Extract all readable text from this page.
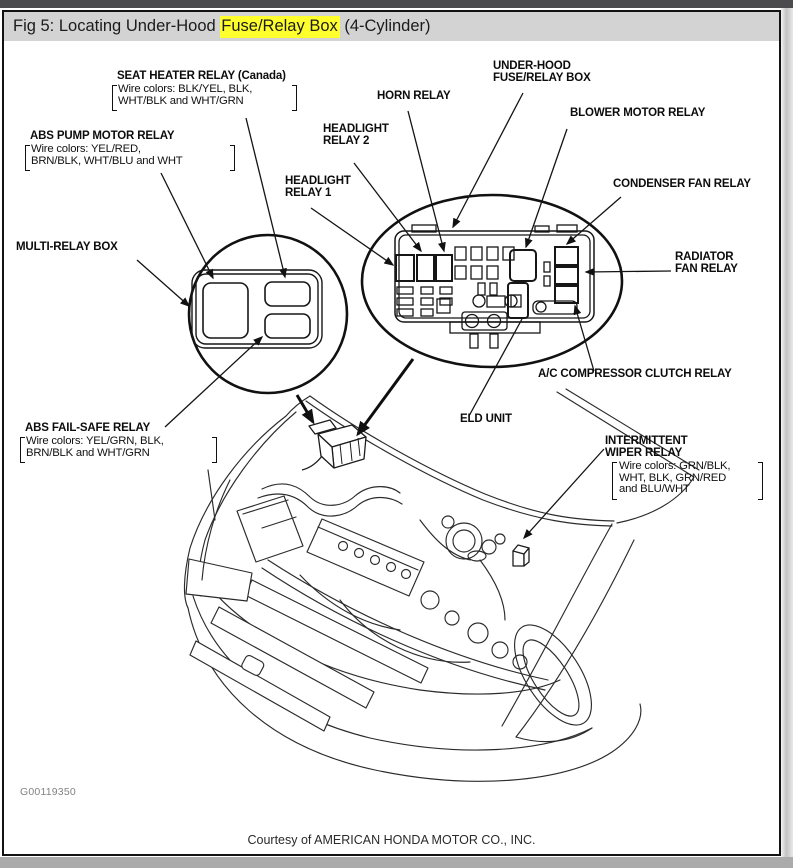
Fig 5: Locating Under-Hood Fuse/Relay Box (4-Cylinder)
SEAT HEATER RELAY (Canada)
Wire colors: BLK/YEL, BLK,
WHT/BLK and WHT/GRN
ABS PUMP MOTOR RELAY
Wire colors: YEL/RED,
BRN/BLK, WHT/BLU and WHT
MULTI-RELAY BOX
HEADLIGHT
RELAY 1
HEADLIGHT
RELAY 2
HORN RELAY
UNDER-HOOD
FUSE/RELAY BOX
BLOWER MOTOR RELAY
CONDENSER FAN RELAY
RADIATOR
FAN RELAY
A/C COMPRESSOR CLUTCH RELAY
ELD UNIT
INTERMITTENT
WIPER RELAY
Wire colors: GRN/BLK,
WHT, BLK, GRN/RED
and BLU/WHT
ABS FAIL-SAFE RELAY
Wire colors: YEL/GRN, BLK,
BRN/BLK and WHT/GRN
G00119350
Courtesy of AMERICAN HONDA MOTOR CO., INC.
